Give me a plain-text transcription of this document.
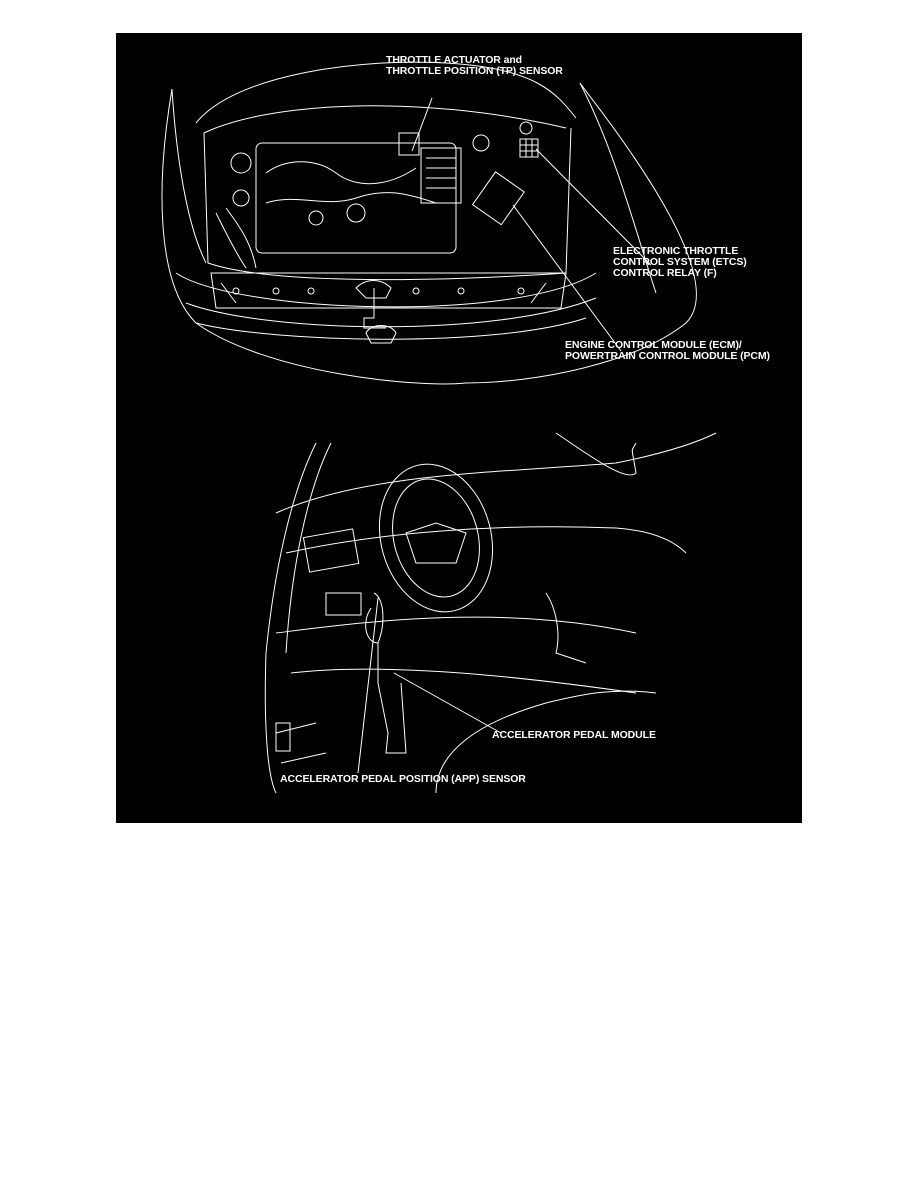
THROTTLE ACTUATOR and
THROTTLE POSITION (TP) SENSOR
ELECTRONIC THROTTLE
CONTROL SYSTEM (ETCS)
CONTROL RELAY (F)
ENGINE CONTROL MODULE (ECM)/
POWERTRAIN CONTROL MODULE (PCM)
ACCELERATOR PEDAL MODULE
ACCELERATOR PEDAL POSITION (APP) SENSOR
